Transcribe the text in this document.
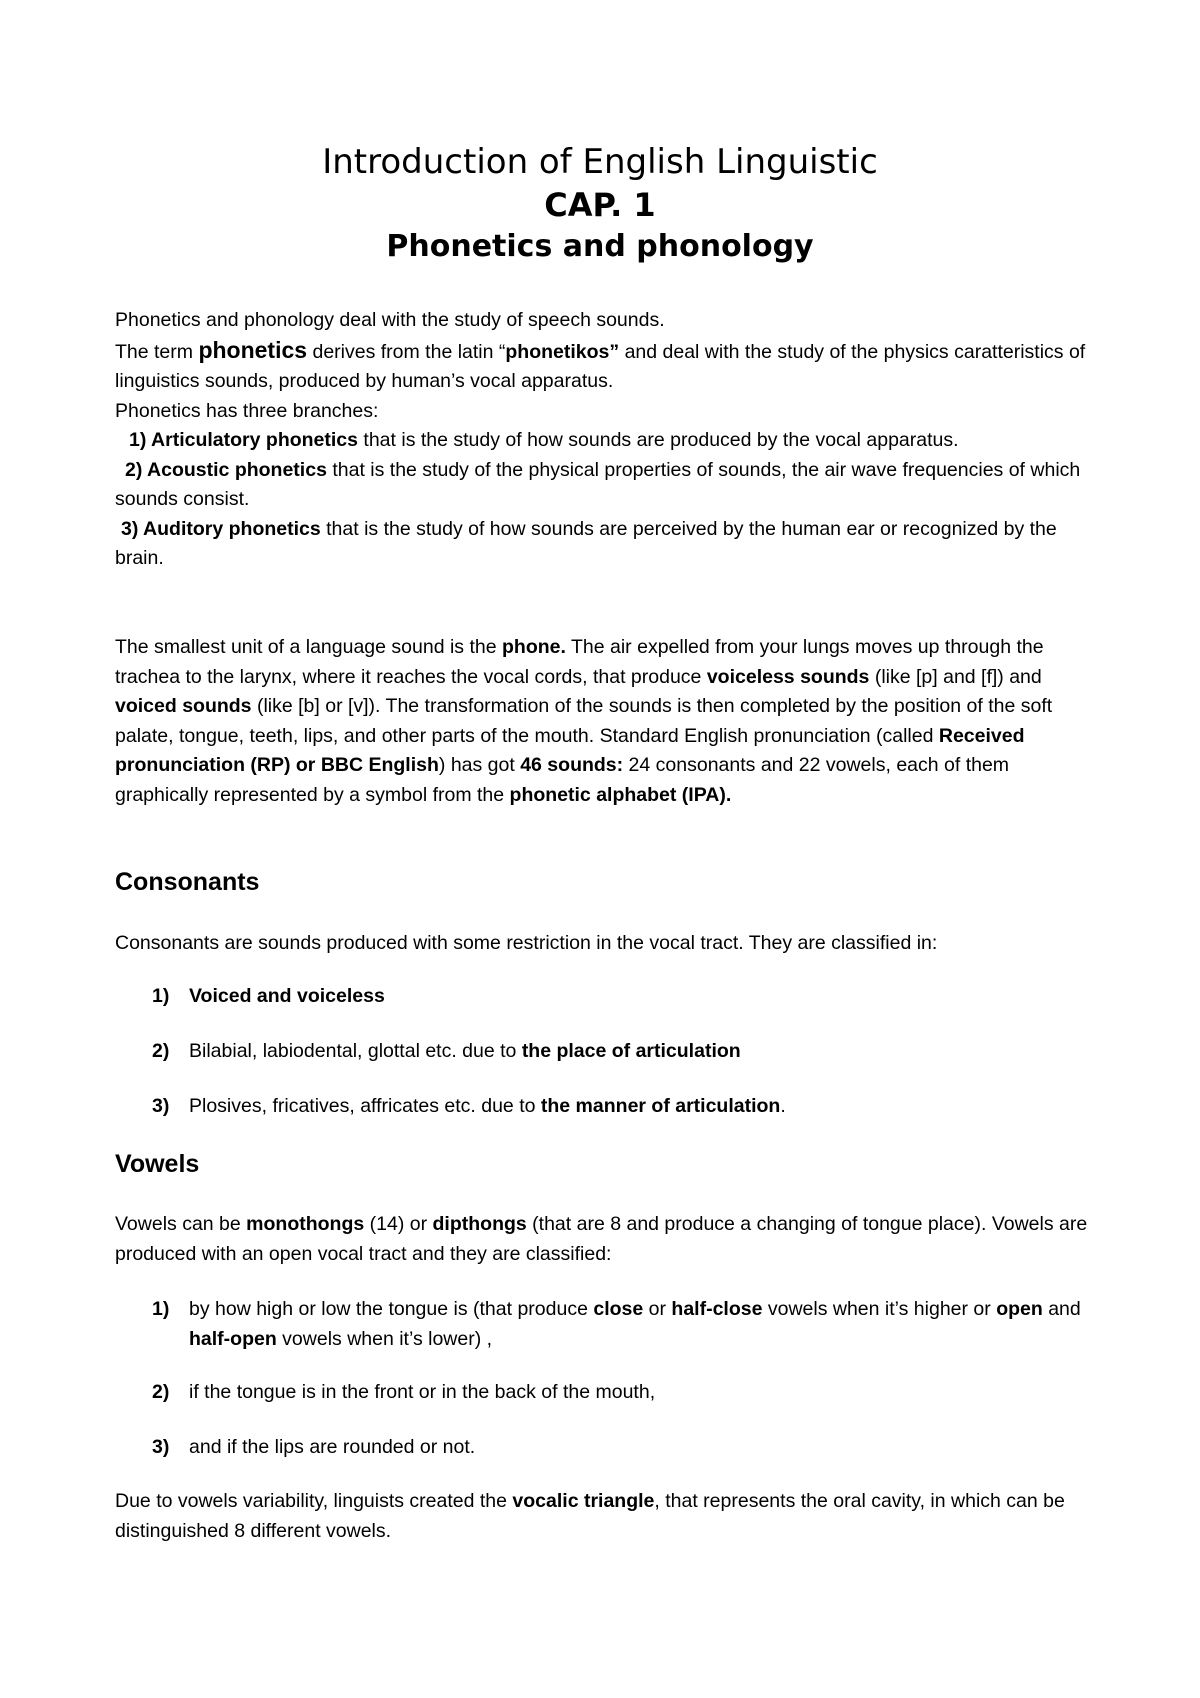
Introduction of English Linguistic
CAP. 1
Phonetics and phonology

Phonetics and phonology deal with the study of speech sounds.

The term phonetics derives from the latin “phonetikos” and deal with the study of the physics caratteristics of linguistics sounds, produced by human’s vocal apparatus.

Phonetics has three branches:

1) Articulatory phonetics that is the study of how sounds are produced by the vocal apparatus.

2) Acoustic phonetics that is the study of the physical properties of sounds, the air wave frequencies of which sounds consist.

3) Auditory phonetics that is the study of how sounds are perceived by the human ear or recognized by the brain.

The smallest unit of a language sound is the phone. The air expelled from your lungs moves up through the trachea to the larynx, where it reaches the vocal cords, that produce voiceless sounds (like [p] and [f]) and voiced sounds (like [b] or [v]). The transformation of the sounds is then completed by the position of the soft palate, tongue, teeth, lips, and other parts of the mouth. Standard English pronunciation (called Received pronunciation (RP) or BBC English) has got 46 sounds: 24 consonants and 22 vowels, each of them graphically represented by a symbol from the phonetic alphabet (IPA).

Consonants
Consonants are sounds produced with some restriction in the vocal tract. They are classified in:
1)	Voiced and voiceless
2)	Bilabial, labiodental, glottal etc. due to the place of articulation
3)	Plosives, fricatives, affricates etc. due to the manner of articulation.
Vowels

Vowels can be monothongs (14) or dipthongs (that are 8 and produce a changing of tongue place). Vowels are produced with an open vocal tract and they are classified:

1)	by how high or low the tongue is (that produce close or half-close vowels when it’s higher or open and half-open vowels when it’s lower) ,
2)	if the tongue is in the front or in the back of the mouth,
3)	and if the lips are rounded or not.

Due to vowels variability, linguists created the vocalic triangle, that represents the oral cavity, in which can be distinguished 8 different vowels.
